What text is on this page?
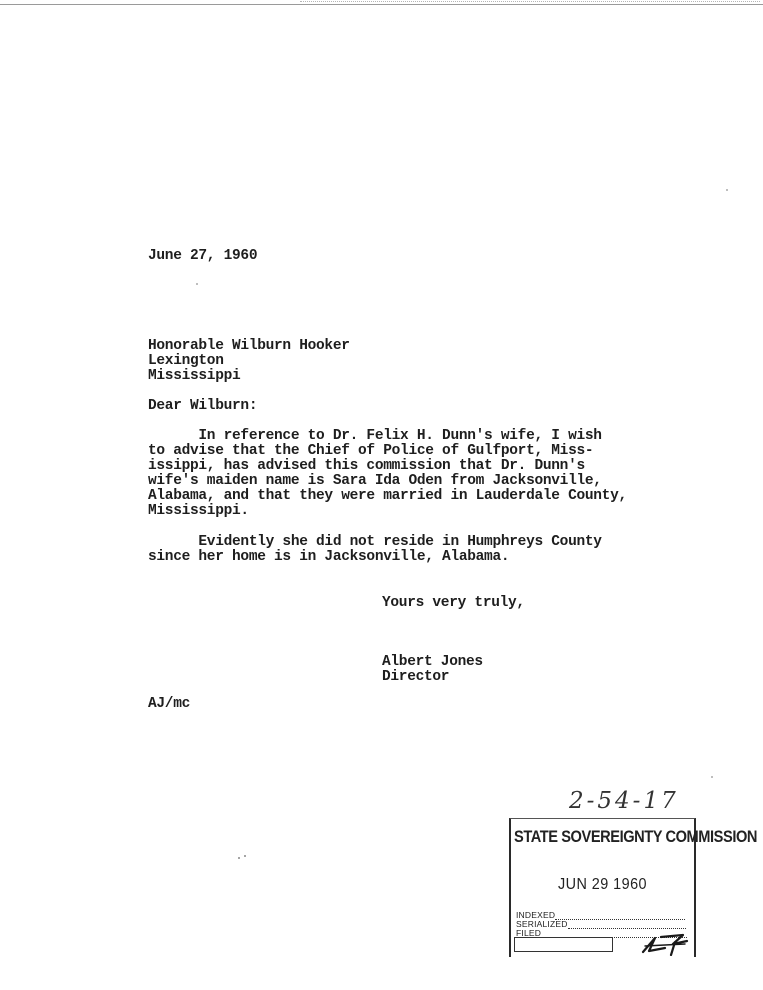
June 27, 1960
Honorable Wilburn Hooker
Lexington
Mississippi
Dear Wilburn:
In reference to Dr. Felix H. Dunn's wife, I wish
to advise that the Chief of Police of Gulfport, Miss-
issippi, has advised this commission that Dr. Dunn's
wife's maiden name is Sara Ida Oden from Jacksonville,
Alabama, and that they were married in Lauderdale County,
Mississippi.
Evidently she did not reside in Humphreys County
since her home is in Jacksonville, Alabama.
Yours very truly,
Albert Jones
Director
AJ/mc
2-54-17
STATE SOVEREIGNTY COMMISSION
JUN 29 1960
INDEXED
SERIALIZED
FILED
